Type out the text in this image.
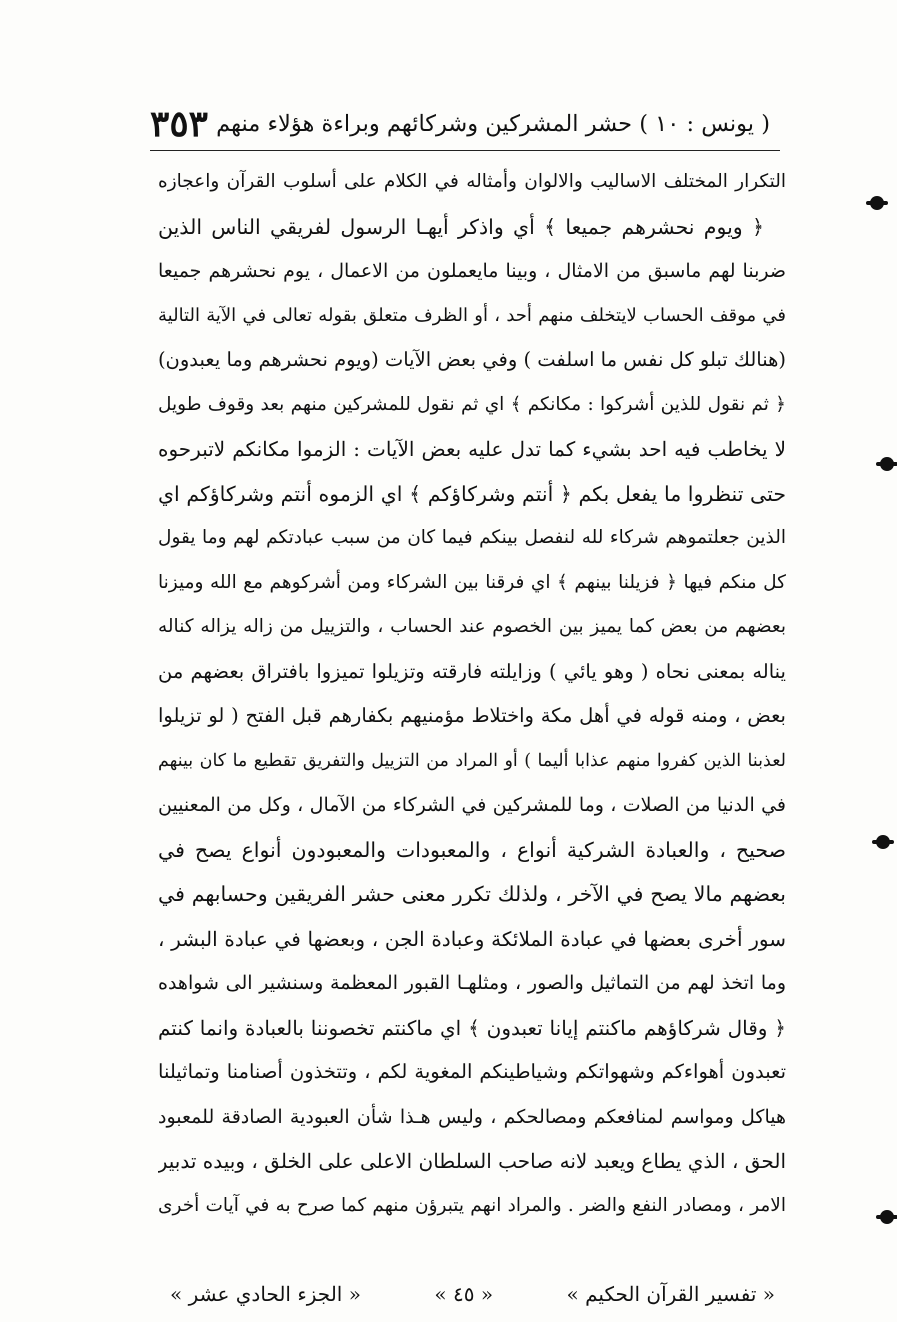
( يونس : ١٠ ) حشر المشركين وشركائهم وبراءة هؤلاء منهم
٣٥٣
التكرار المختلف الاساليب والالوان وأمثاله في الكلام على أسلوب القرآن واعجازه
﴿ ويوم نحشرهم جميعا ﴾ أي واذكر أيهـا الرسول لفريقي الناس الذين
ضربنا لهم ماسبق من الامثال ، وبينا مايعملون من الاعمال ، يوم نحشرهم جميعا
في موقف الحساب لايتخلف منهم أحد ، أو الظرف متعلق بقوله تعالى في الآية التالية
(هنالك تبلو كل نفس ما اسلفت ) وفي بعض الآيات (ويوم نحشرهم وما يعبدون)
﴿ ثم نقول للذين أشركوا : مكانكم ﴾ اي ثم نقول للمشركين منهم بعد وقوف طويل
لا يخاطب فيه احد بشيء كما تدل عليه بعض الآيات : الزموا مكانكم لاتبرحوه
حتى تنظروا ما يفعل بكم ﴿ أنتم وشركاؤكم ﴾ اي الزموه أنتم وشركاؤكم اي
الذين جعلتموهم شركاء لله لنفصل بينكم فيما كان من سبب عبادتكم لهم وما يقول
كل منكم فيها ﴿ فزيلنا بينهم ﴾ اي فرقنا بين الشركاء ومن أشركوهم مع الله وميزنا
بعضهم من بعض كما يميز بين الخصوم عند الحساب ، والتزييل من زاله يزاله كناله
يناله بمعنى نحاه ( وهو يائي ) وزايلته فارقته وتزيلوا تميزوا بافتراق بعضهم من
بعض ، ومنه قوله في أهل مكة واختلاط مؤمنيهم بكفارهم قبل الفتح ( لو تزيلوا
لعذبنا الذين كفروا منهم عذابا أليما ) أو المراد من التزييل والتفريق تقطيع ما كان بينهم
في الدنيا من الصلات ، وما للمشركين في الشركاء من الآمال ، وكل من المعنيين
صحيح ، والعبادة الشركية أنواع ، والمعبودات والمعبودون أنواع يصح في
بعضهم مالا يصح في الآخر ، ولذلك تكرر معنى حشر الفريقين وحسابهم في
سور أخرى بعضها في عبادة الملائكة وعبادة الجن ، وبعضها في عبادة البشر ،
وما اتخذ لهم من التماثيل والصور ، ومثلهـا القبور المعظمة وسنشير الى شواهده
﴿ وقال شركاؤهم ماكنتم إيانا تعبدون ﴾ اي ماكنتم تخصوننا بالعبادة وانما كنتم
تعبدون أهواءكم وشهواتكم وشياطينكم المغوية لكم ، وتتخذون أصنامنا وتماثيلنا
هياكل ومواسم لمنافعكم ومصالحكم ، وليس هـذا شأن العبودية الصادقة للمعبود
الحق ، الذي يطاع ويعبد لانه صاحب السلطان الاعلى على الخلق ، وبيده تدبير
الامر ، ومصادر النفع والضر . والمراد انهم يتبرؤن منهم كما صرح به في آيات أخرى
« تفسير القرآن الحكيم »
« ٤٥ »
« الجزء الحادي عشر »
